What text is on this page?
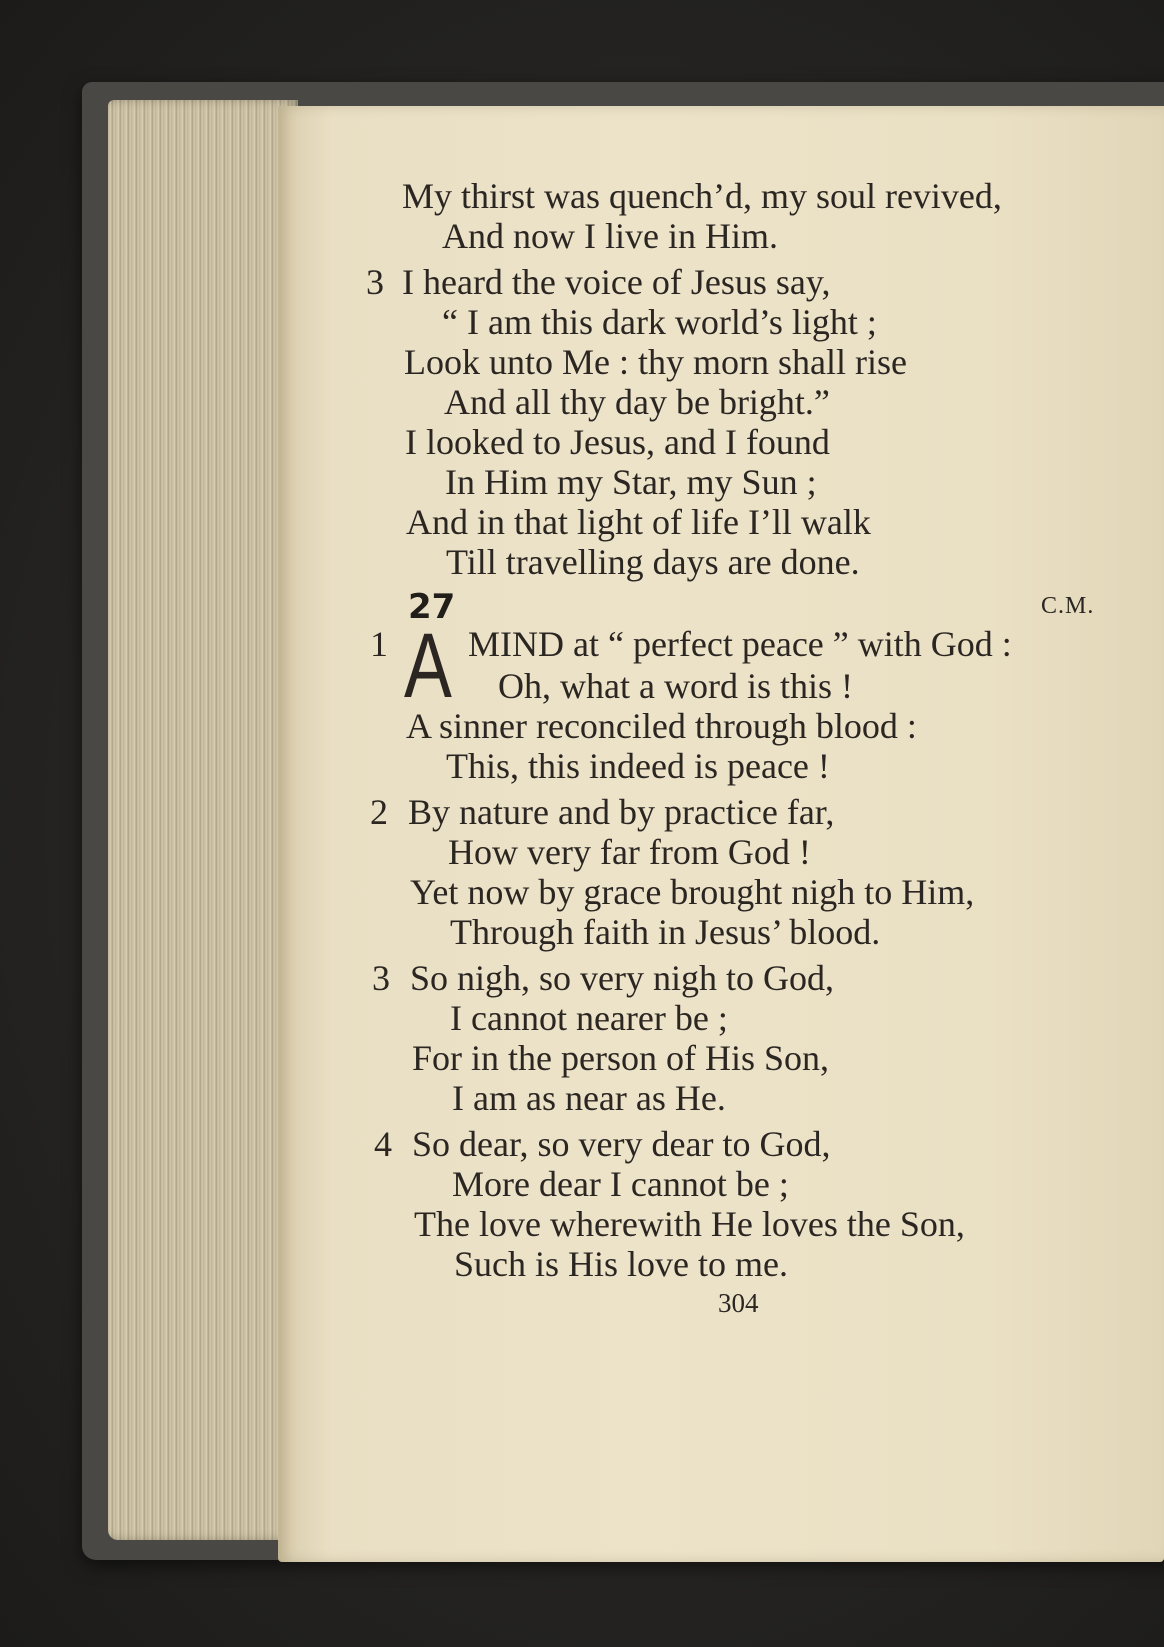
My thirst was quench’d, my soul revived,
And now I live in Him.
3 I heard the voice of Jesus say,
“ I am this dark world’s light ;
Look unto Me : thy morn shall rise
And all thy day be bright.”
I looked to Jesus, and I found
In Him my Star, my Sun ;
And in that light of life I’ll walk
Till travelling days are done.
27	C.M.
1 A MIND at “ perfect peace ” with God :
Oh, what a word is this !
A sinner reconciled through blood :
This, this indeed is peace !
2 By nature and by practice far,
How very far from God !
Yet now by grace brought nigh to Him,
Through faith in Jesus’ blood.
3 So nigh, so very nigh to God,
I cannot nearer be ;
For in the person of His Son,
I am as near as He.
4 So dear, so very dear to God,
More dear I cannot be ;
The love wherewith He loves the Son,
Such is His love to me.
304
